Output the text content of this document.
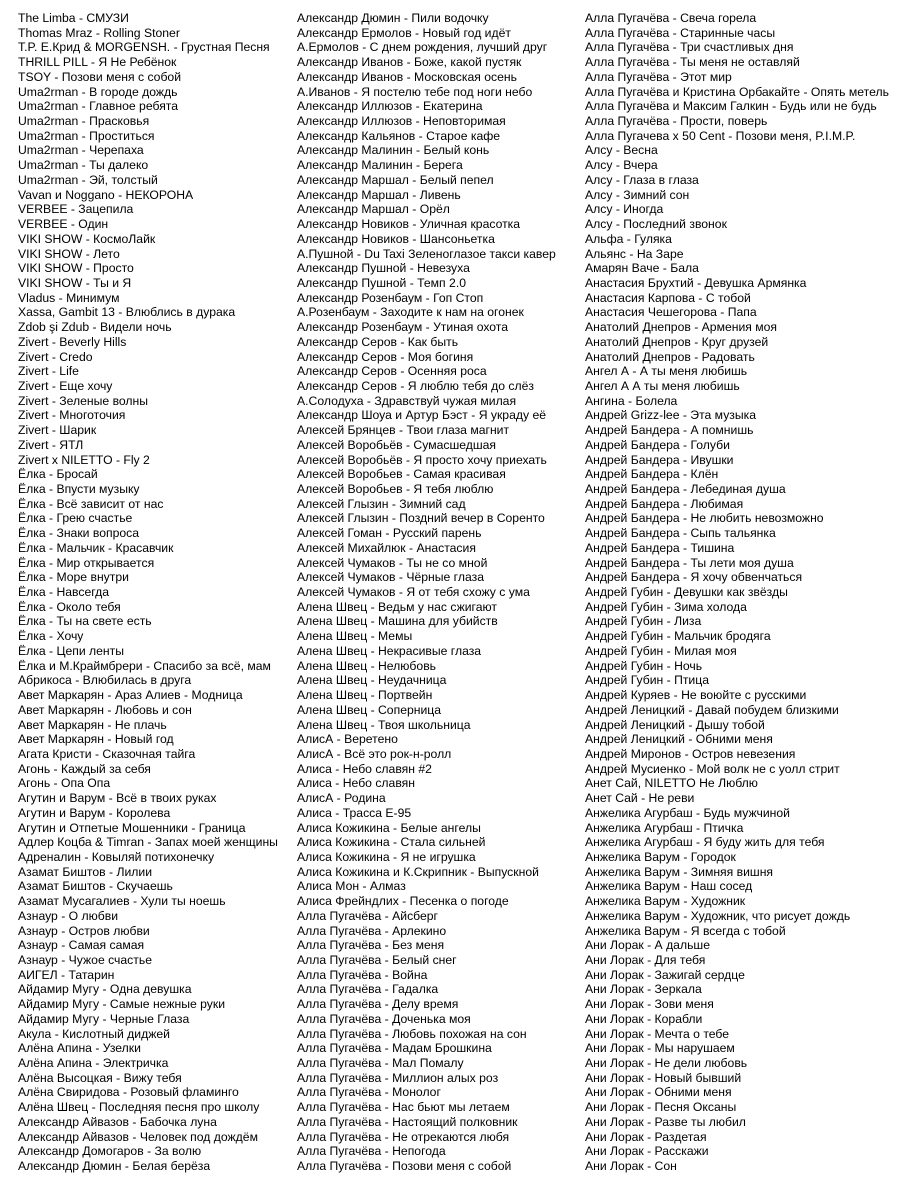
The Limba - СМУЗИ
Thomas Mraz - Rolling Stoner
T.P. E.Крид & MORGENSH. - Грустная Песня
THRILL PILL - Я Не Ребёнок
TSOY - Позови меня с собой
Uma2rman - В городе дождь
Uma2rman - Главное ребята
Uma2rman - Прасковья
Uma2rman - Проститься
Uma2rman - Черепаха
Uma2rman - Ты далеко
Uma2rman - Эй, толстый
Vavan и Noggano - НЕКОРОНА
VERBEE - Зацепила
VERBEE - Один
VIKI SHOW - КосмоЛайк
VIKI SHOW - Лето
VIKI SHOW - Просто
VIKI SHOW - Ты и Я
Vladus - Минимум
Xassa, Gambit 13 - Влюблись в дурака
Zdob şi Zdub - Видели ночь
Zivert - Beverly Hills
Zivert - Credo
Zivert - Life
Zivert - Еще хочу
Zivert - Зеленые волны
Zivert - Многоточия
Zivert - Шарик
Zivert - ЯТЛ
Zivert x NILETTO - Fly 2
Ёлка - Бросай
Ёлка - Впусти музыку
Ёлка - Всё зависит от нас
Ёлка - Грею счастье
Ёлка - Знаки вопроса
Ёлка - Мальчик - Красавчик
Ёлка - Мир открывается
Ёлка - Море внутри
Ёлка - Навсегда
Ёлка - Около тебя
Ёлка - Ты на свете есть
Ёлка - Хочу
Ёлка - Цепи ленты
Ёлка и М.Краймбрери - Спасибо за всё, мам
Абрикоса - Влюбилась в друга
Авет Маркарян - Араз Алиев - Модница
Авет Маркарян - Любовь и сон
Авет Маркарян - Не плачь
Авет Маркарян - Новый год
Агата Кристи - Сказочная тайга
Агонь - Каждый за себя
Агонь - Опа Опа
Агутин и Варум - Всё в твоих руках
Агутин и Варум - Королева
Агутин и Отпетые Мошенники - Граница
Адлер Коцба & Timran - Запах моей женщины
Адреналин - Ковыляй потихонечку
Азамат Биштов - Лилии
Азамат Биштов - Скучаешь
Азамат Мусагалиев - Хули ты ноешь
Азнаур - О любви
Азнаур - Остров любви
Азнаур - Самая самая
Азнаур - Чужое счастье
АИГЕЛ - Татарин
Айдамир Мугу - Одна девушка
Айдамир Мугу - Самые нежные руки
Айдамир Мугу - Черные Глаза
Акула - Кислотный диджей
Алёна Апина - Узелки
Алёна Апина - Электричка
Алёна Высоцкая - Вижу тебя
Алёна Свиридова - Розовый фламинго
Алёна Швец - Последняя песня про школу
Александр Айвазов - Бабочка луна
Александр Айвазов - Человек под дождём
Александр Домогаров - За волю
Александр Дюмин - Белая берёза
Александр Дюмин - Пили водочку
Александр Ермолов - Новый год идёт
А.Ермолов - С днем рождения, лучший друг
Александр Иванов - Боже, какой пустяк
Александр Иванов - Московская осень
А.Иванов - Я постелю тебе под ноги небо
Александр Иллюзов - Екатерина
Александр Иллюзов - Неповторимая
Александр Кальянов - Старое кафе
Александр Малинин - Белый конь
Александр Малинин - Берега
Александр Маршал - Белый пепел
Александр Маршал - Ливень
Александр Маршал - Орёл
Александр Новиков - Уличная красотка
Александр Новиков - Шансоньетка
А.Пушной - Du Taxi Зеленоглазое такси кавер
Александр Пушной - Невезуха
Александр Пушной - Темп 2.0
Александр Розенбаум - Гоп Стоп
А.Розенбаум - Заходите к нам на огонек
Александр Розенбаум - Утиная охота
Александр Серов - Как быть
Александр Серов - Моя богиня
Александр Серов - Осенняя роса
Александр Серов - Я люблю тебя до слёз
А.Солодуха - Здравствуй чужая милая
Александр Шоуа и Артур Бэст - Я украду её
Алексей Брянцев - Твои глаза магнит
Алексей Воробьёв - Сумасшедшая
Алексей Воробьёв - Я просто хочу приехать
Алексей Воробьев - Самая красивая
Алексей Воробьев - Я тебя люблю
Алексей Глызин - Зимний сад
Алексей Глызин - Поздний вечер в Соренто
Алексей Гоман - Русский парень
Алексей Михайлюк - Анастасия
Алексей Чумаков - Ты не со мной
Алексей Чумаков - Чёрные глаза
Алексей Чумаков - Я от тебя схожу с ума
Алена Швец - Ведьм у нас сжигают
Алена Швец - Машина для убийств
Алена Швец - Мемы
Алена Швец - Некрасивые глаза
Алена Швец - Нелюбовь
Алена Швец - Неудачница
Алена Швец - Портвейн
Алена Швец - Соперница
Алена Швец - Твоя школьница
АлисА - Веретено
АлисА - Всё это рок-н-ролл
Алиса - Небо славян #2
Алиса - Небо славян
АлисА - Родина
Алиса - Трасса Е-95
Алиса Кожикина - Белые ангелы
Алиса Кожикина - Стала сильней
Алиса Кожикина - Я не игрушка
Алиса Кожикина и К.Скрипник - Выпускной
Алиса Мон - Алмаз
Алиса Фрейндлих - Песенка о погоде
Алла Пугачёва - Айсберг
Алла Пугачёва - Арлекино
Алла Пугачёва - Без меня
Алла Пугачёва - Белый снег
Алла Пугачёва - Война
Алла Пугачёва - Гадалка
Алла Пугачёва - Делу время
Алла Пугачёва - Доченька моя
Алла Пугачёва - Любовь похожая на сон
Алла Пугачёва - Мадам Брошкина
Алла Пугачёва - Мал Помалу
Алла Пугачёва - Миллион алых роз
Алла Пугачёва - Монолог
Алла Пугачёва - Нас бьют мы летаем
Алла Пугачёва - Настоящий полковник
Алла Пугачёва - Не отрекаются любя
Алла Пугачёва - Непогода
Алла Пугачёва - Позови меня с собой
Алла Пугачёва - Свеча горела
Алла Пугачёва - Старинные часы
Алла Пугачёва - Три счастливых дня
Алла Пугачёва - Ты меня не оставляй
Алла Пугачёва - Этот мир
Алла Пугачёва и Кристина Орбакайте - Опять метель
Алла Пугачёва и Максим Галкин - Будь или не будь
Алла Пугачёва - Прости, поверь
Алла Пугачева x 50 Cent - Позови меня, P.I.M.P.
Алсу - Весна
Алсу - Вчера
Алсу - Глаза в глаза
Алсу - Зимний сон
Алсу - Иногда
Алсу - Последний звонок
Альфа - Гуляка
Альянс - На Заре
Амарян Ваче - Бала
Анастасия Брухтий - Девушка Армянка
Анастасия Карпова - С тобой
Анастасия Чешегорова - Папа
Анатолий Днепров - Армения моя
Анатолий Днепров - Круг друзей
Анатолий Днепров - Радовать
Ангел А - А ты меня любишь
Ангел А А ты меня любишь
Ангина - Болела
Андрей Grizz-lee - Эта музыка
Андрей Бандера - А помнишь
Андрей Бандера - Голуби
Андрей Бандера - Ивушки
Андрей Бандера - Клён
Андрей Бандера - Лебединая душа
Андрей Бандера - Любимая
Андрей Бандера - Не любить невозможно
Андрей Бандера - Сыпь тальянка
Андрей Бандера - Тишина
Андрей Бандера - Ты лети моя душа
Андрей Бандера - Я хочу обвенчаться
Андрей Губин - Девушки как звёзды
Андрей Губин - Зима холода
Андрей Губин - Лиза
Андрей Губин - Мальчик бродяга
Андрей Губин - Милая моя
Андрей Губин - Ночь
Андрей Губин - Птица
Андрей Куряев - Не воюйте с русскими
Андрей Леницкий - Давай побудем близкими
Андрей Леницкий - Дышу тобой
Андрей Леницкий - Обними меня
Андрей Миронов - Остров невезения
Андрей Мусиенко - Мой волк не с уолл стрит
Анет Сай, NILETTO Не Люблю
Анет Сай - Не реви
Анжелика Агурбаш - Будь мужчиной
Анжелика Агурбаш - Птичка
Анжелика Агурбаш - Я буду жить для тебя
Анжелика Варум - Городок
Анжелика Варум - Зимняя вишня
Анжелика Варум - Наш сосед
Анжелика Варум - Художник
Анжелика Варум - Художник, что рисует дождь
Анжелика Варум - Я всегда с тобой
Ани Лорак - А дальше
Ани Лорак - Для тебя
Ани Лорак - Зажигай сердце
Ани Лорак - Зеркала
Ани Лорак - Зови меня
Ани Лорак - Корабли
Ани Лорак - Мечта о тебе
Ани Лорак - Мы нарушаем
Ани Лорак - Не дели любовь
Ани Лорак - Новый бывший
Ани Лорак - Обними меня
Ани Лорак - Песня Оксаны
Ани Лорак - Разве ты любил
Ани Лорак - Раздетая
Ани Лорак - Расскажи
Ани Лорак - Сон
